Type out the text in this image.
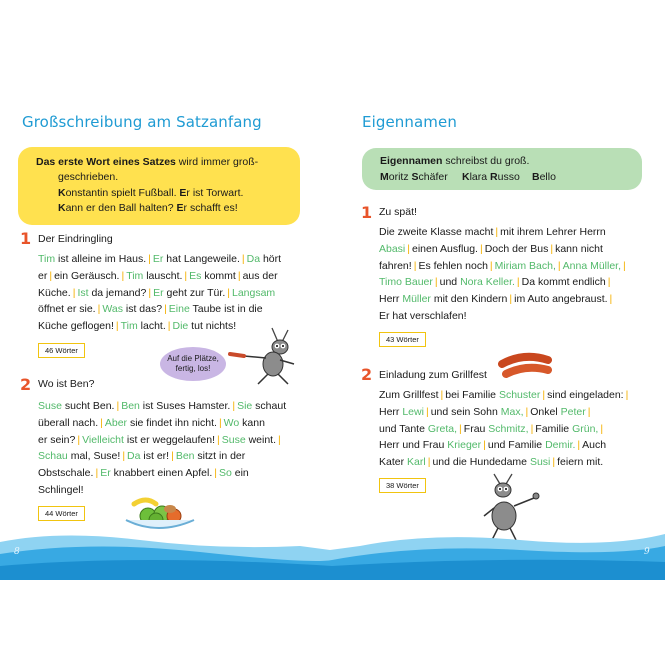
Großschreibung am Satzanfang
Das erste Wort eines Satzes wird immer groß-
geschrieben.
Konstantin spielt Fußball. Er ist Torwart.
Kann er den Ball halten? Er schafft es!
1 Der Eindringling
Tim ist alleine im Haus. | Er hat Langeweile. | Da hört
er | ein Geräusch. | Tim lauscht. | Es kommt | aus der
Küche. | Ist da jemand? | Er geht zur Tür. | Langsam
öffnet er sie. | Was ist das? | Eine Taube ist in die
Küche geflogen! | Tim lacht. | Die tut nichts!
46 Wörter
Auf die Plätze,
fertig, los!
2 Wo ist Ben?
Suse sucht Ben. | Ben ist Suses Hamster. | Sie schaut
überall nach. | Aber sie findet ihn nicht. | Wo kann
er sein? | Vielleicht ist er weggelaufen! | Suse weint. |
Schau mal, Suse! | Da ist er! | Ben sitzt in der
Obstschale. | Er knabbert einen Apfel. | So ein
Schlingel!
44 Wörter
Eigennamen
Eigennamen schreibst du groß.
Moritz Schäfer Klara Russo Bello
1 Zu spät!
Die zweite Klasse macht | mit ihrem Lehrer Herrn
Abasi | einen Ausflug. | Doch der Bus | kann nicht
fahren! | Es fehlen noch | Miriam Bach, | Anna Müller, |
Timo Bauer | und Nora Keller. | Da kommt endlich |
Herr Müller mit den Kindern | im Auto angebraust. |
Er hat verschlafen!
43 Wörter
2 Einladung zum Grillfest
Zum Grillfest | bei Familie Schuster | sind eingeladen: |
Herr Lewi | und sein Sohn Max, | Onkel Peter |
und Tante Greta, | Frau Schmitz, | Familie Grün, |
Herr und Frau Krieger | und Familie Demir. | Auch
Kater Karl | und die Hundedame Susi | feiern mit.
38 Wörter
8	9
